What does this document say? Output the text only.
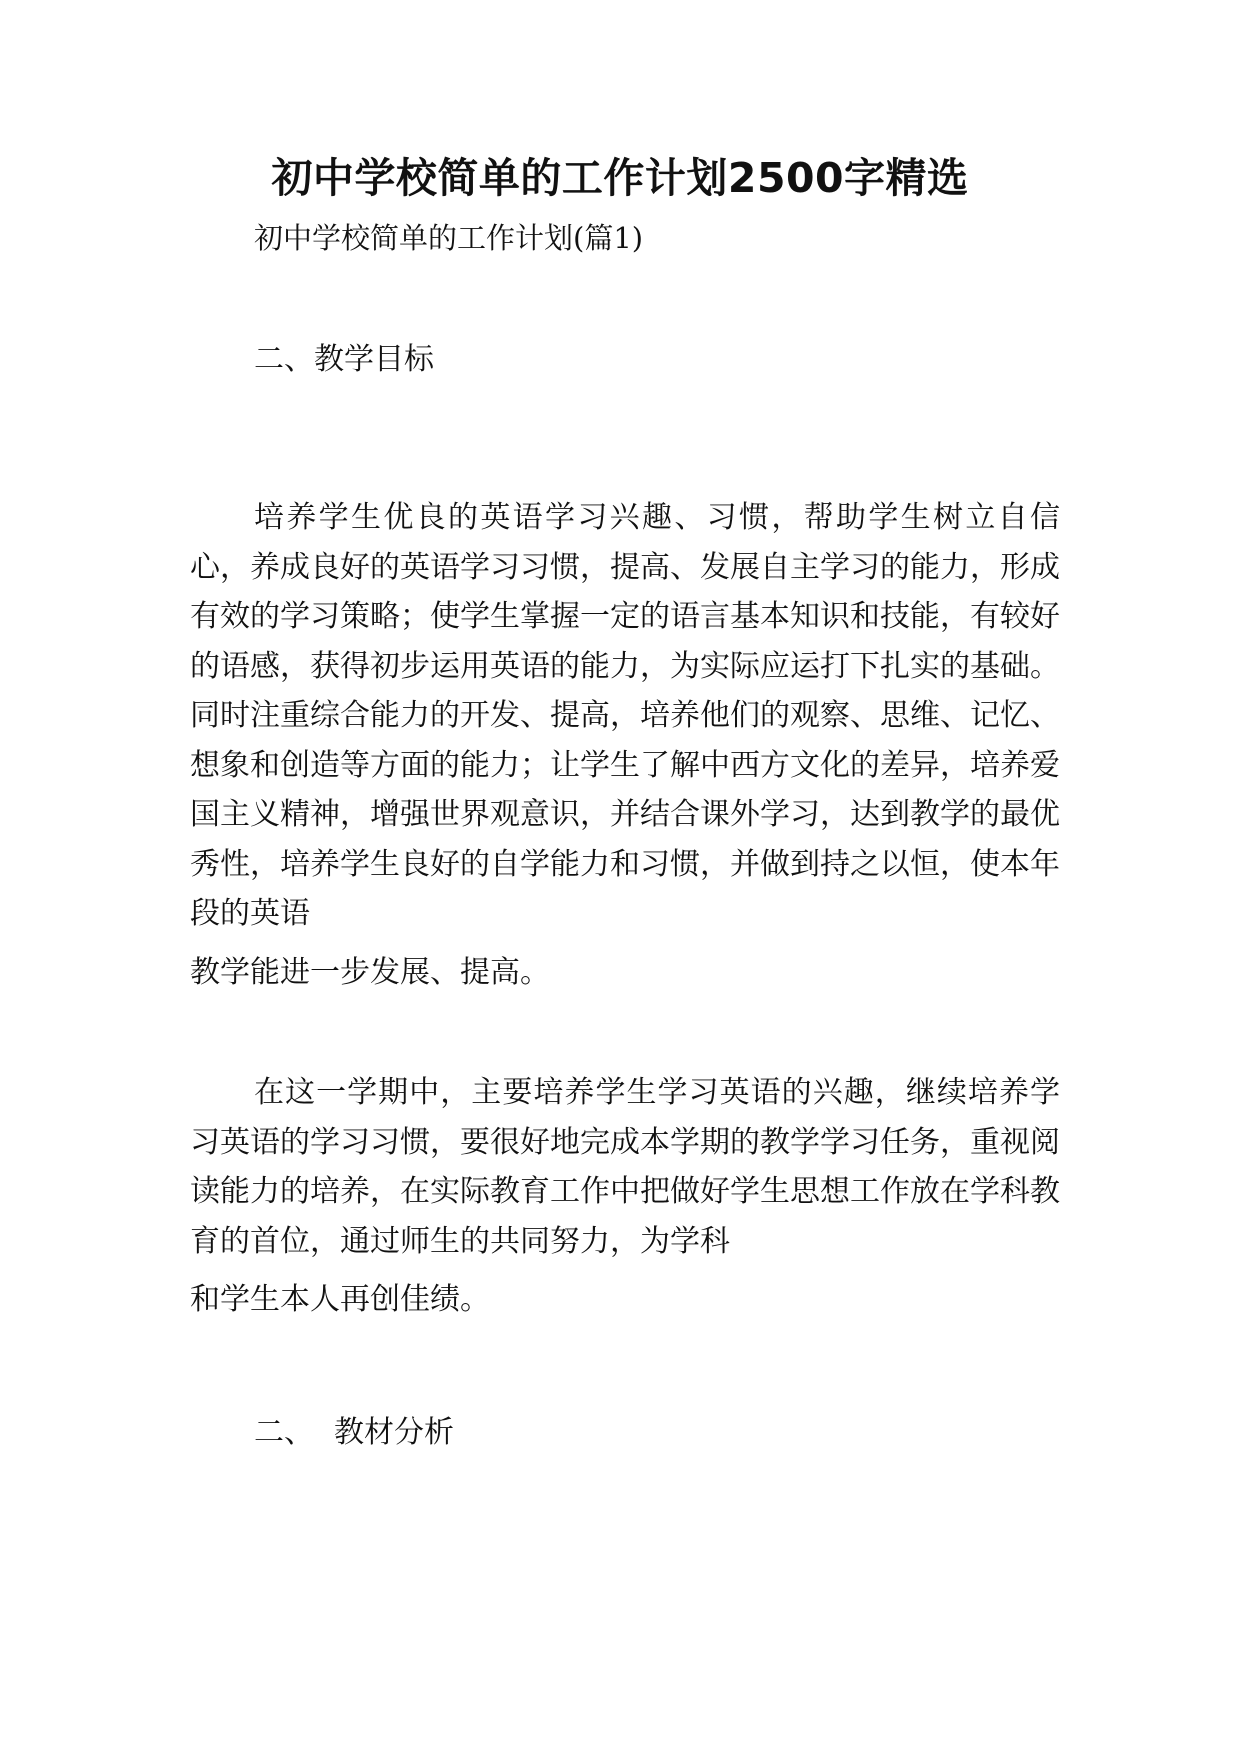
初中学校简单的工作计划2500字精选

初中学校简单的工作计划(篇1)

二、教学目标

培养学生优良的英语学习兴趣、习惯，帮助学生树立自信心，养成良好的英语学习习惯，提高、发展自主学习的能力，形成有效的学习策略；使学生掌握一定的语言基本知识和技能，有较好的语感，获得初步运用英语的能力，为实际应运打下扎实的基础。同时注重综合能力的开发、提高，培养他们的观察、思维、记忆、想象和创造等方面的能力；让学生了解中西方文化的差异，培养爱国主义精神，增强世界观意识，并结合课外学习，达到教学的最优秀性，培养学生良好的自学能力和习惯，并做到持之以恒，使本年段的英语
教学能进一步发展、提高。

在这一学期中，主要培养学生学习英语的兴趣，继续培养学习英语的学习习惯，要很好地完成本学期的教学学习任务，重视阅读能力的培养，在实际教育工作中把做好学生思想工作放在学科教育的首位，通过师生的共同努力，为学科
和学生本人再创佳绩。

二、 教材分析
